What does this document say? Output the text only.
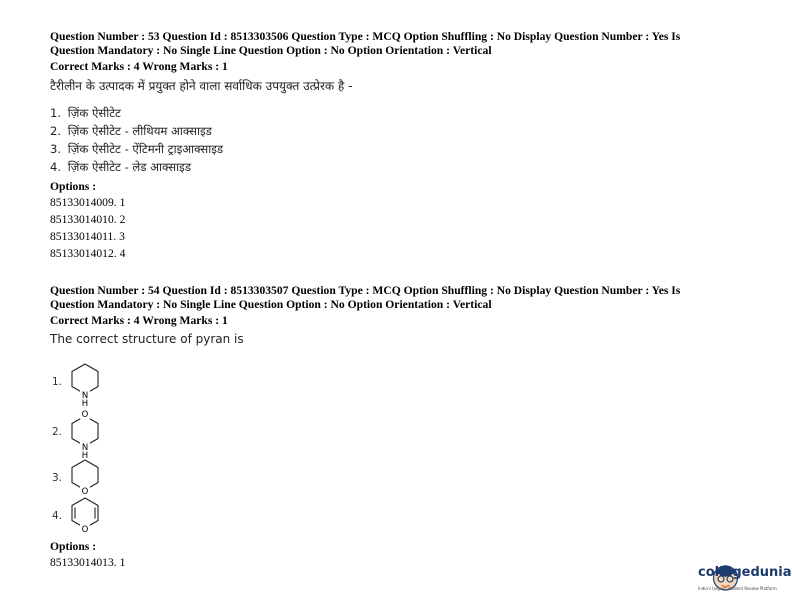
Question Number : 53 Question Id : 8513303506 Question Type : MCQ Option Shuffling : No Display Question Number : Yes Is
Question Mandatory : No Single Line Question Option : No Option Orientation : Vertical
Correct Marks : 4 Wrong Marks : 1
टैरीलीन के उत्पादक में प्रयुक्त होने वाला सर्वाधिक उपयुक्त उत्प्रेरक है -
1. ज़िंक ऐसीटेट
2. ज़िंक ऐसीटेट - लीथियम आक्साइड
3. ज़िंक ऐसीटेट - ऐंटिमनी ट्राइआक्साइड
4. ज़िंक ऐसीटेट - लेड आक्साइड
Options :
85133014009. 1
85133014010. 2
85133014011. 3
85133014012. 4
Question Number : 54 Question Id : 8513303507 Question Type : MCQ Option Shuffling : No Display Question Number : Yes Is
Question Mandatory : No Single Line Question Option : No Option Orientation : Vertical
Correct Marks : 4 Wrong Marks : 1
The correct structure of pyran is
1.
N
H
2.
O
N
H
3.
O
4.
O
Options :
85133014013. 1
collegedunia
India's largest Student Review Platform
